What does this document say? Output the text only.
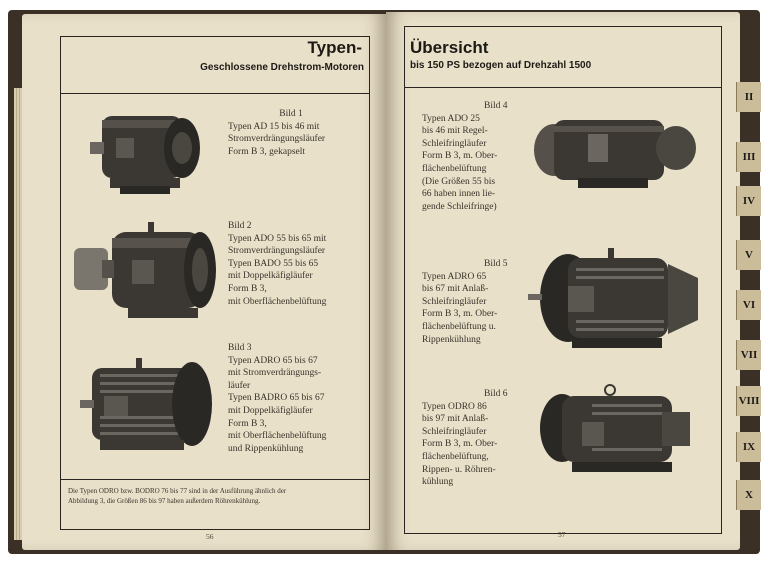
Typen-
Geschlossene Drehstrom-Motoren
Bild 1
Typen AD 15 bis 46 mit
Stromverdrängungsläufer
Form B 3, gekapselt
Bild 2
Typen ADO 55 bis 65 mit
Stromverdrängungsläufer
Typen BADO 55 bis 65
mit Doppelkäfigläufer
Form B 3,
mit Oberflächenbelüftung
Bild 3
Typen ADRO 65 bis 67
mit Stromverdrängungs-
läufer
Typen BADRO 65 bis 67
mit Doppelkäfigläufer
Form B 3,
mit Oberflächenbelüftung
und Rippenkühlung
Die Typen ODRO bzw. BODRO 76 bis 77 sind in der Ausführung ähnlich der
Abbildung 3, die Größen 86 bis 97 haben außerdem Röhrenkühlung.
56
Übersicht
bis 150 PS bezogen auf Drehzahl 1500
Bild 4
Typen ADO 25
bis 46 mit Regel-
Schleifringläufer
Form B 3, m. Ober-
flächenbelüftung
(Die Größen 55 bis
66 haben innen lie-
gende Schleifringe)
Bild 5
Typen ADRO 65
bis 67 mit Anlaß-
Schleifringläufer
Form B 3, m. Ober-
flächenbelüftung u.
Rippenkühlung
Bild 6
Typen ODRO 86
bis 97 mit Anlaß-
Schleifringläufer
Form B 3, m. Ober-
flächenbelüftung,
Rippen- u. Röhren-
kühlung
57
II
III
IV
V
VI
VII
VIII
IX
X
